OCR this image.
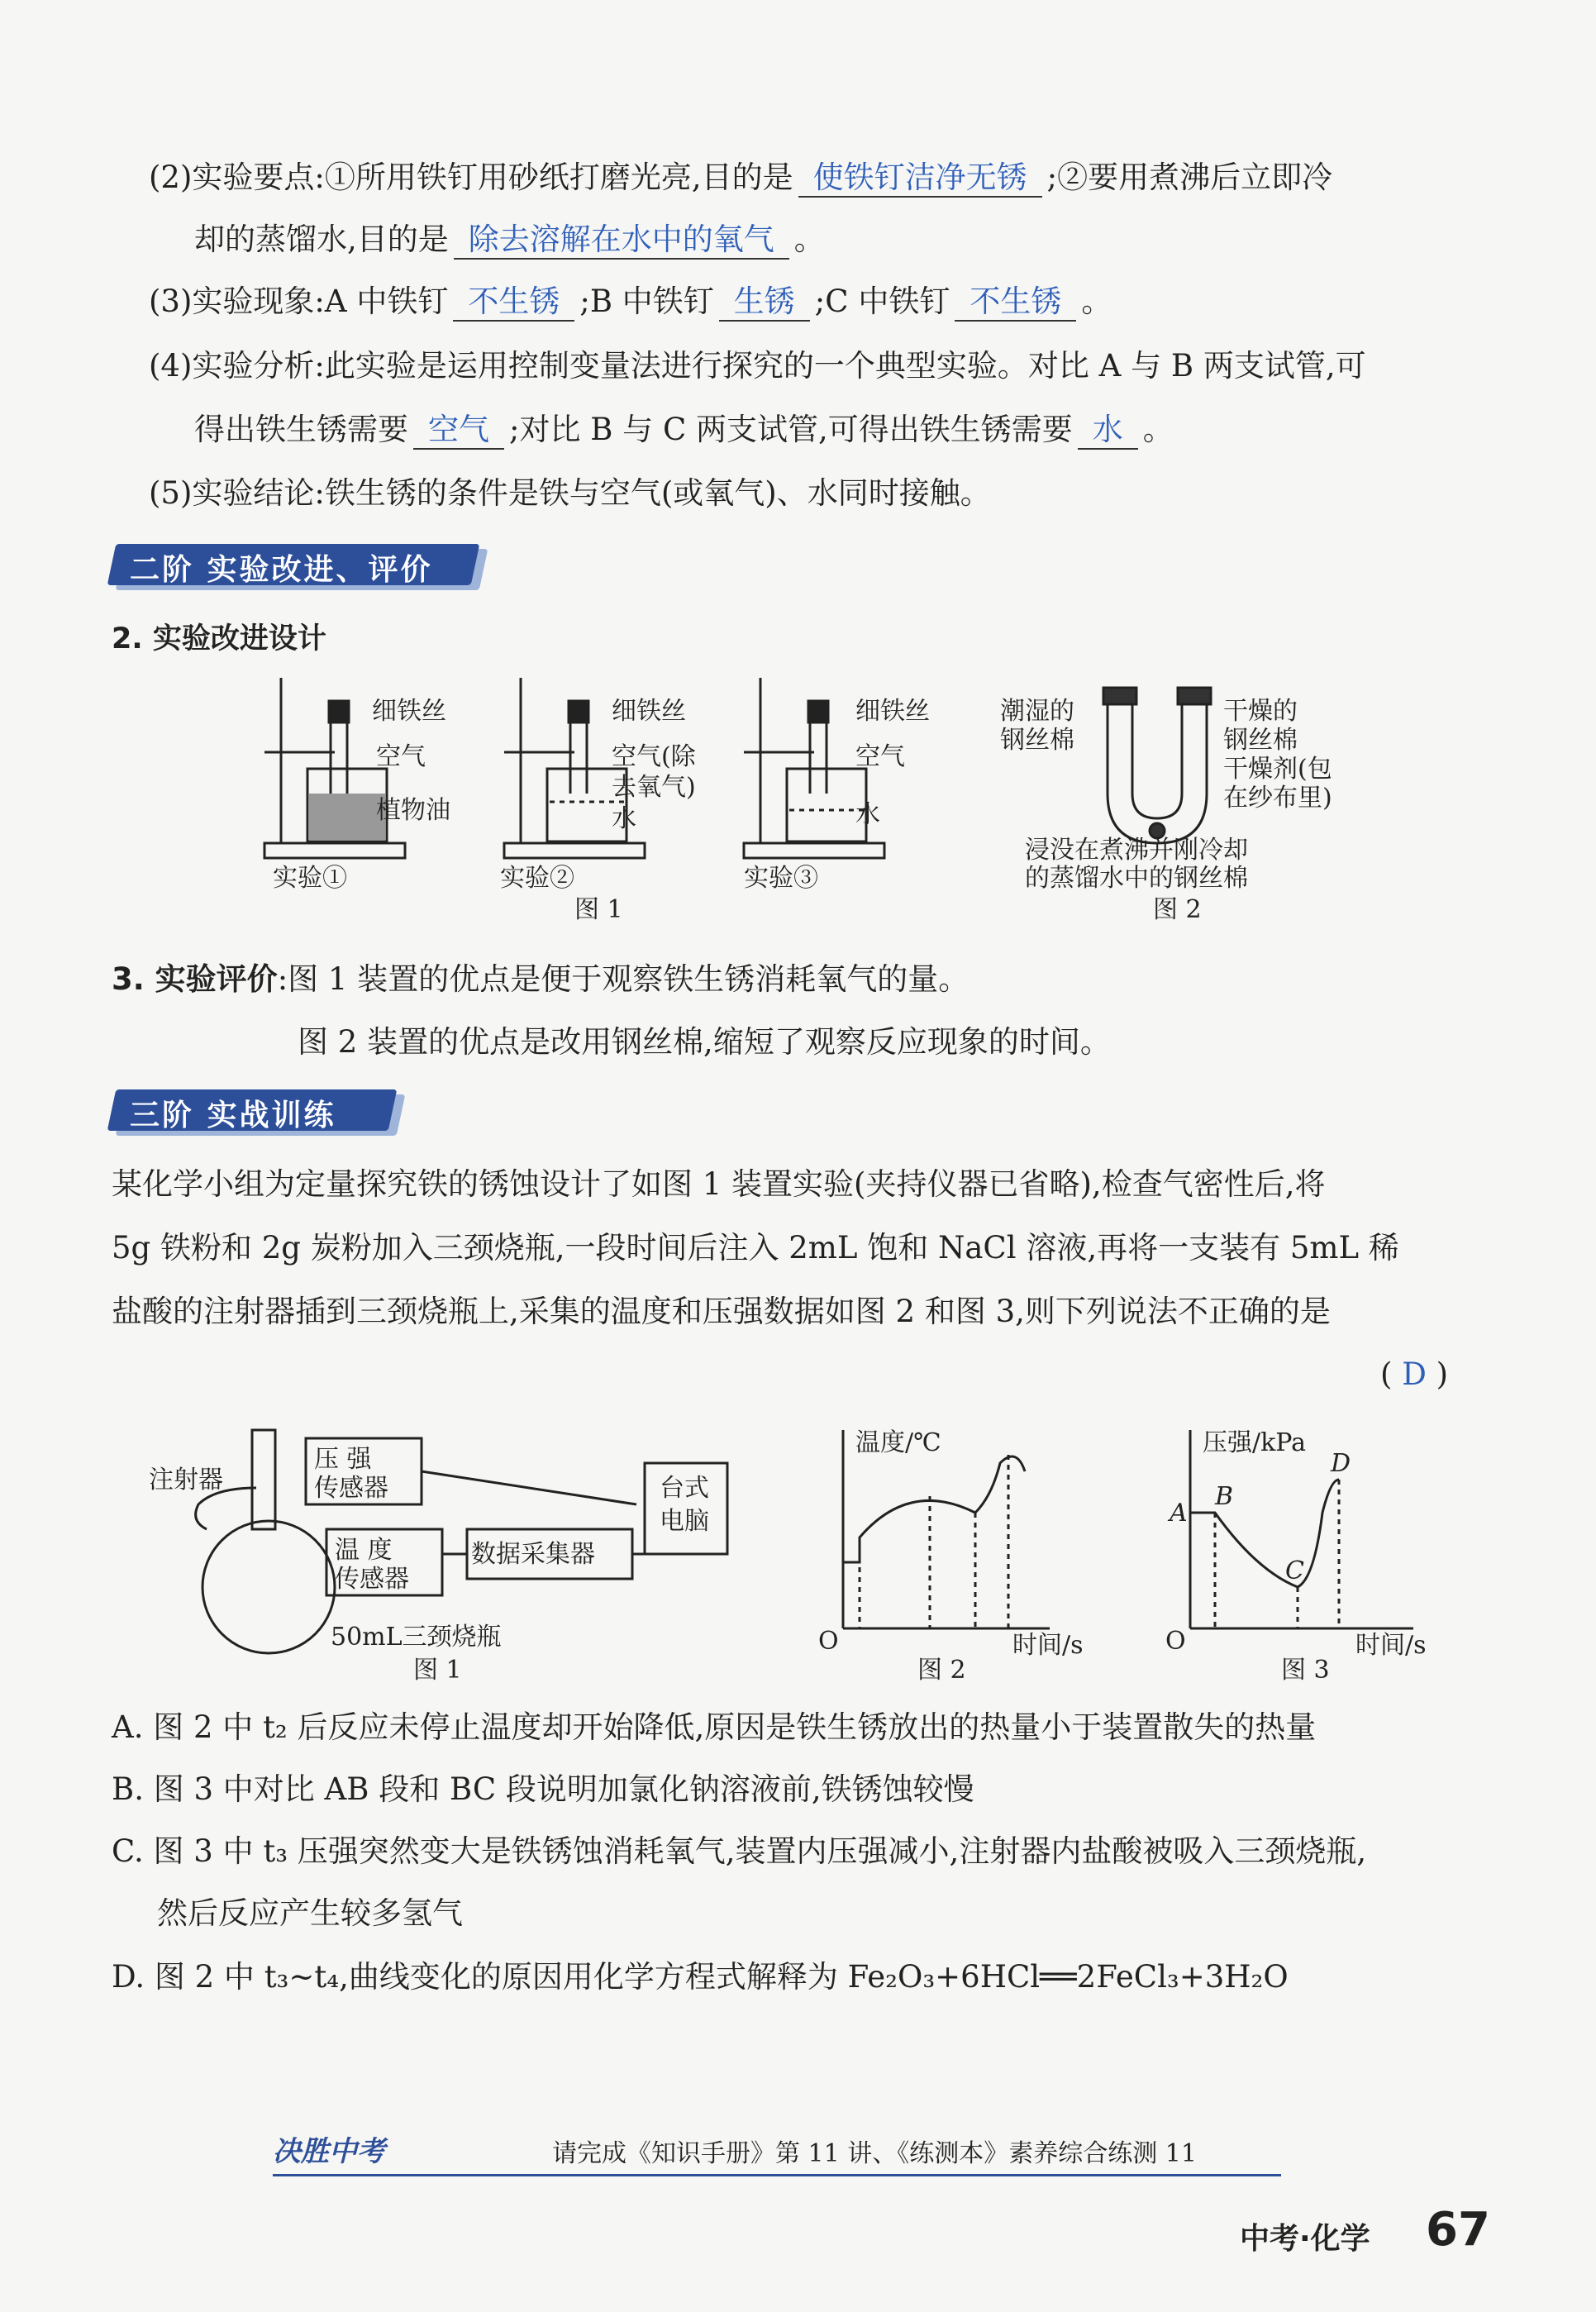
(2)实验要点:①所用铁钉用砂纸打磨光亮,目的是 使铁钉洁净无锈 ;②要用煮沸后立即冷
却的蒸馏水,目的是 除去溶解在水中的氧气 。
(3)实验现象:A 中铁钉 不生锈 ;B 中铁钉 生锈 ;C 中铁钉 不生锈 。
(4)实验分析:此实验是运用控制变量法进行探究的一个典型实验。对比 A 与 B 两支试管,可
得出铁生锈需要 空气 ;对比 B 与 C 两支试管,可得出铁生锈需要 水 。
(5)实验结论:铁生锈的条件是铁与空气(或氧气)、水同时接触。
二阶 实验改进、评价
2. 实验改进设计
细铁丝
空气
植物油
实验①
细铁丝
空气(除
去氧气)
水
实验②
细铁丝
空气
水
实验③
图 1
潮湿的
钢丝棉
干燥的
钢丝棉
干燥剂(包
在纱布里)
浸没在煮沸并刚冷却
的蒸馏水中的钢丝棉
图 2
3. 实验评价:图 1 装置的优点是便于观察铁生锈消耗氧气的量。
图 2 装置的优点是改用钢丝棉,缩短了观察反应现象的时间。
三阶 实战训练
某化学小组为定量探究铁的锈蚀设计了如图 1 装置实验(夹持仪器已省略),检查气密性后,将
5g 铁粉和 2g 炭粉加入三颈烧瓶,一段时间后注入 2mL 饱和 NaCl 溶液,再将一支装有 5mL 稀
盐酸的注射器插到三颈烧瓶上,采集的温度和压强数据如图 2 和图 3,则下列说法不正确的是
( D )
注射器
压 强
传感器
温 度
传感器
数据采集器
台式
电脑
50mL三颈烧瓶
图 1
温度/℃
O	时间/s
图 2
压强/kPa
O
A
B
C
D
时间/s
图 3
A. 图 2 中 t₂ 后反应未停止温度却开始降低,原因是铁生锈放出的热量小于装置散失的热量
B. 图 3 中对比 AB 段和 BC 段说明加氯化钠溶液前,铁锈蚀较慢
C. 图 3 中 t₃ 压强突然变大是铁锈蚀消耗氧气,装置内压强减小,注射器内盐酸被吸入三颈烧瓶,
然后反应产生较多氢气
D. 图 2 中 t₃~t₄,曲线变化的原因用化学方程式解释为 Fe₂O₃+6HCl══2FeCl₃+3H₂O
决胜中考	请完成《知识手册》第 11 讲、《练测本》素养综合练测 11
中考·化学 67
